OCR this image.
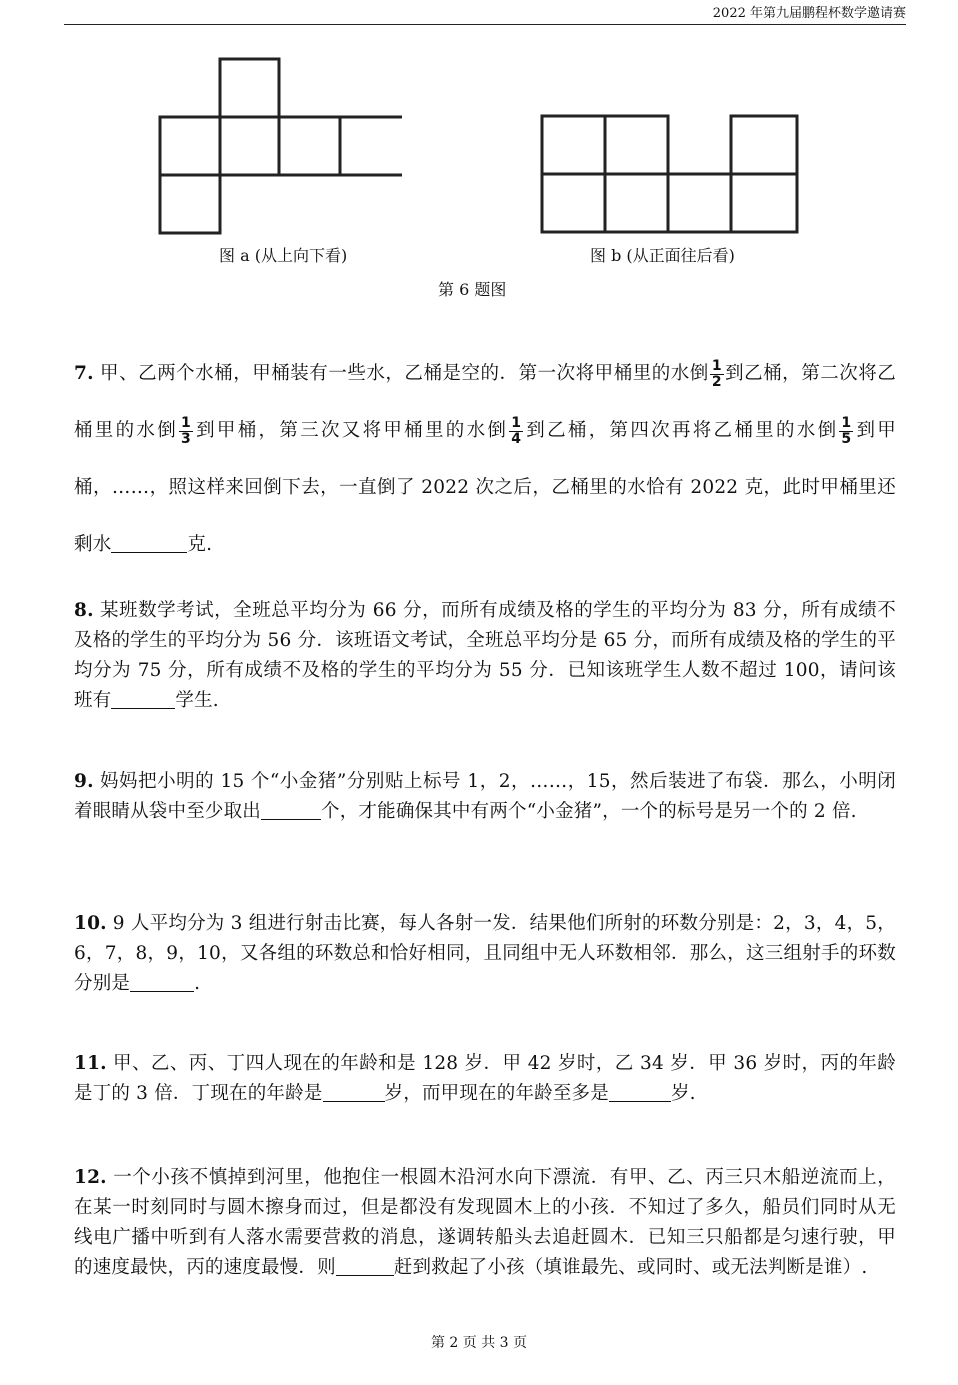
2022 年第九届鹏程杯数学邀请赛
图 a (从上向下看)	图 b (从正面往后看)
第 6 题图
7. 甲、乙两个水桶，甲桶装有一些水，乙桶是空的．第一次将甲桶里的水倒 $\frac{1}{2}$ 到乙桶，第二次将乙桶里的水倒 $\frac{1}{3}$ 到甲桶，第三次又将甲桶里的水倒 $\frac{1}{4}$ 到乙桶，第四次再将乙桶里的水倒 $\frac{1}{5}$ 到甲桶，……，照这样来回倒下去，一直倒了 2022 次之后，乙桶里的水恰有 2022 克，此时甲桶里还剩水	克.
8. 某班数学考试，全班总平均分为 66 分，而所有成绩及格的学生的平均分为 83 分，所有成绩不及格的学生的平均分为 56 分．该班语文考试，全班总平均分是 65 分，而所有成绩及格的学生的平均分为 75 分，所有成绩不及格的学生的平均分为 55 分．已知该班学生人数不超过 100，请问该班有	学生.
9. 妈妈把小明的 15 个“小金猪”分别贴上标号 1，2，……，15，然后装进了布袋．那么，小明闭着眼睛从袋中至少取出	个，才能确保其中有两个“小金猪”，一个的标号是另一个的 2 倍.
10. 9 人平均分为 3 组进行射击比赛，每人各射一发．结果他们所射的环数分别是：2，3，4，5，6，7，8，9，10，又各组的环数总和恰好相同，且同组中无人环数相邻．那么，这三组射手的环数分别是	.
11. 甲、乙、丙、丁四人现在的年龄和是 128 岁．甲 42 岁时，乙 34 岁．甲 36 岁时，丙的年龄是丁的 3 倍．丁现在的年龄是	岁，而甲现在的年龄至多是	岁.
12. 一个小孩不慎掉到河里，他抱住一根圆木沿河水向下漂流．有甲、乙、丙三只木船逆流而上，在某一时刻同时与圆木擦身而过，但是都没有发现圆木上的小孩．不知过了多久，船员们同时从无线电广播中听到有人落水需要营救的消息，遂调转船头去追赶圆木．已知三只船都是匀速行驶，甲的速度最快，丙的速度最慢．则	赶到救起了小孩（填谁最先、或同时、或无法判断是谁）.
第 2 页 共 3 页
